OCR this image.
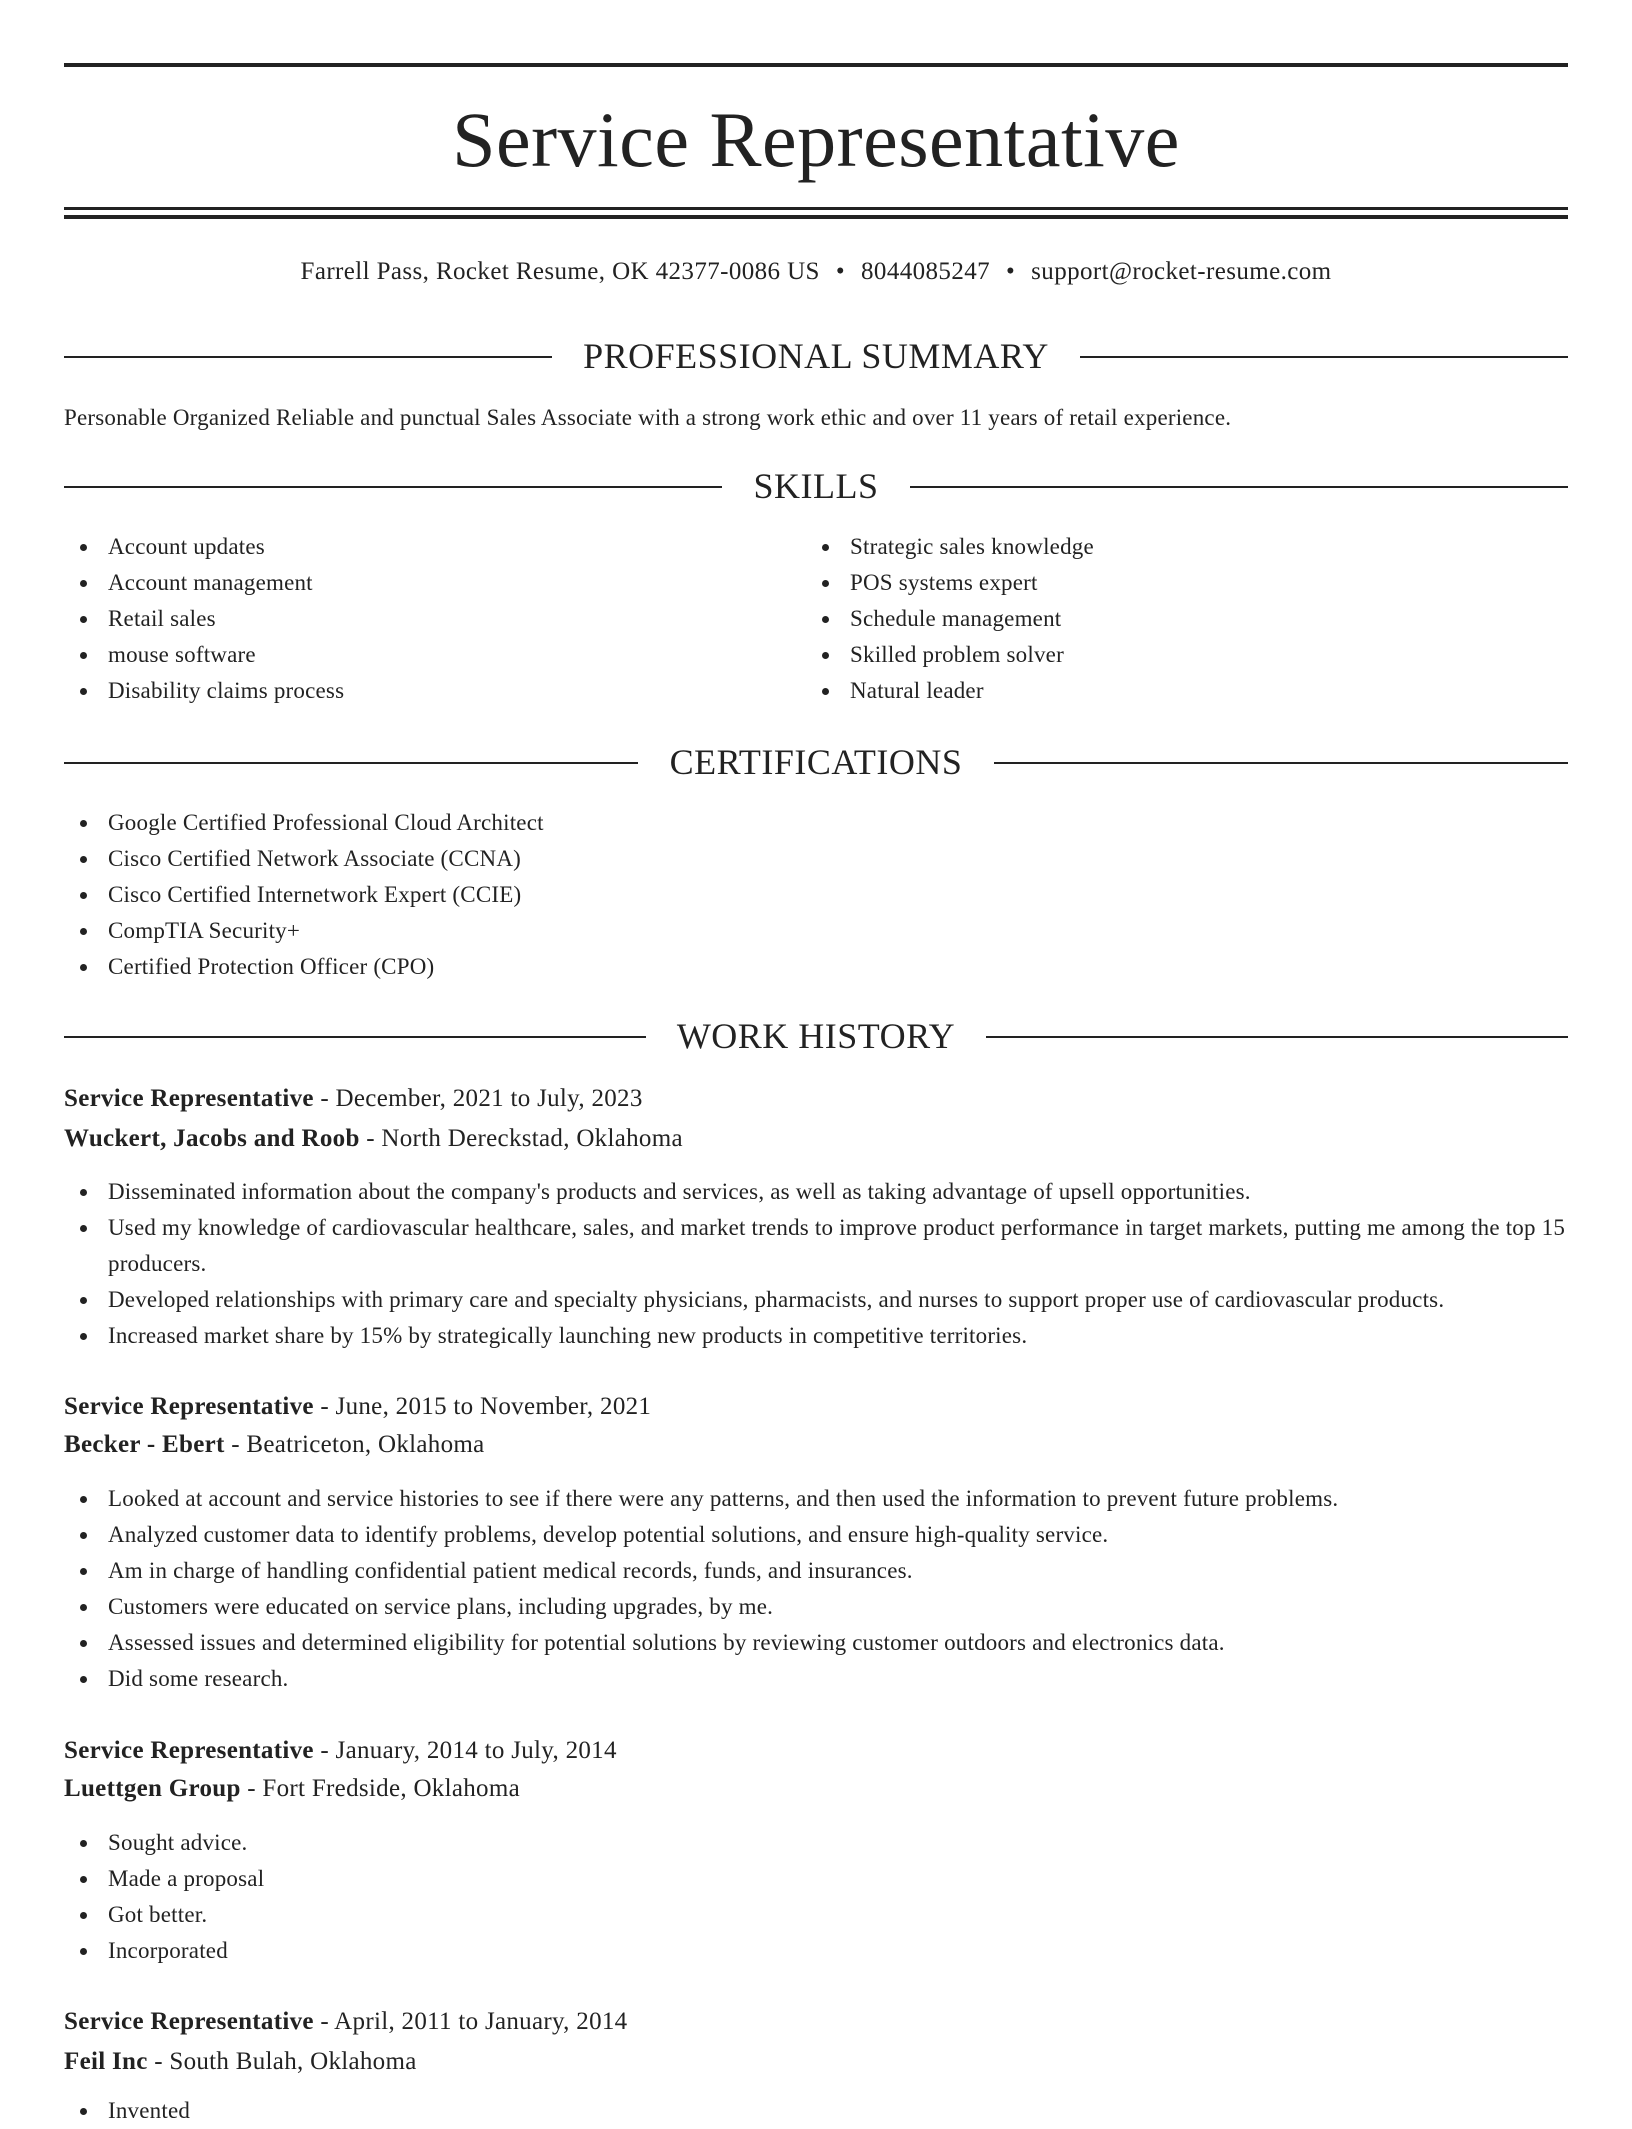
Service Representative
Farrell Pass, Rocket Resume, OK 42377-0086 US • 8044085247 • support@rocket-resume.com
PROFESSIONAL SUMMARY
Personable Organized Reliable and punctual Sales Associate with a strong work ethic and over 11 years of retail experience.
SKILLS
Account updates
Account management
Retail sales
mouse software
Disability claims process
Strategic sales knowledge
POS systems expert
Schedule management
Skilled problem solver
Natural leader
CERTIFICATIONS
Google Certified Professional Cloud Architect
Cisco Certified Network Associate (CCNA)
Cisco Certified Internetwork Expert (CCIE)
CompTIA Security+
Certified Protection Officer (CPO)
WORK HISTORY
Service Representative - December, 2021 to July, 2023
Wuckert, Jacobs and Roob - North Dereckstad, Oklahoma
Disseminated information about the company's products and services, as well as taking advantage of upsell opportunities.
Used my knowledge of cardiovascular healthcare, sales, and market trends to improve product performance in target markets, putting me among the top 15 producers.
Developed relationships with primary care and specialty physicians, pharmacists, and nurses to support proper use of cardiovascular products.
Increased market share by 15% by strategically launching new products in competitive territories.
Service Representative - June, 2015 to November, 2021
Becker - Ebert - Beatriceton, Oklahoma
Looked at account and service histories to see if there were any patterns, and then used the information to prevent future problems.
Analyzed customer data to identify problems, develop potential solutions, and ensure high-quality service.
Am in charge of handling confidential patient medical records, funds, and insurances.
Customers were educated on service plans, including upgrades, by me.
Assessed issues and determined eligibility for potential solutions by reviewing customer outdoors and electronics data.
Did some research.
Service Representative - January, 2014 to July, 2014
Luettgen Group - Fort Fredside, Oklahoma
Sought advice.
Made a proposal
Got better.
Incorporated
Service Representative - April, 2011 to January, 2014
Feil Inc - South Bulah, Oklahoma
Invented
